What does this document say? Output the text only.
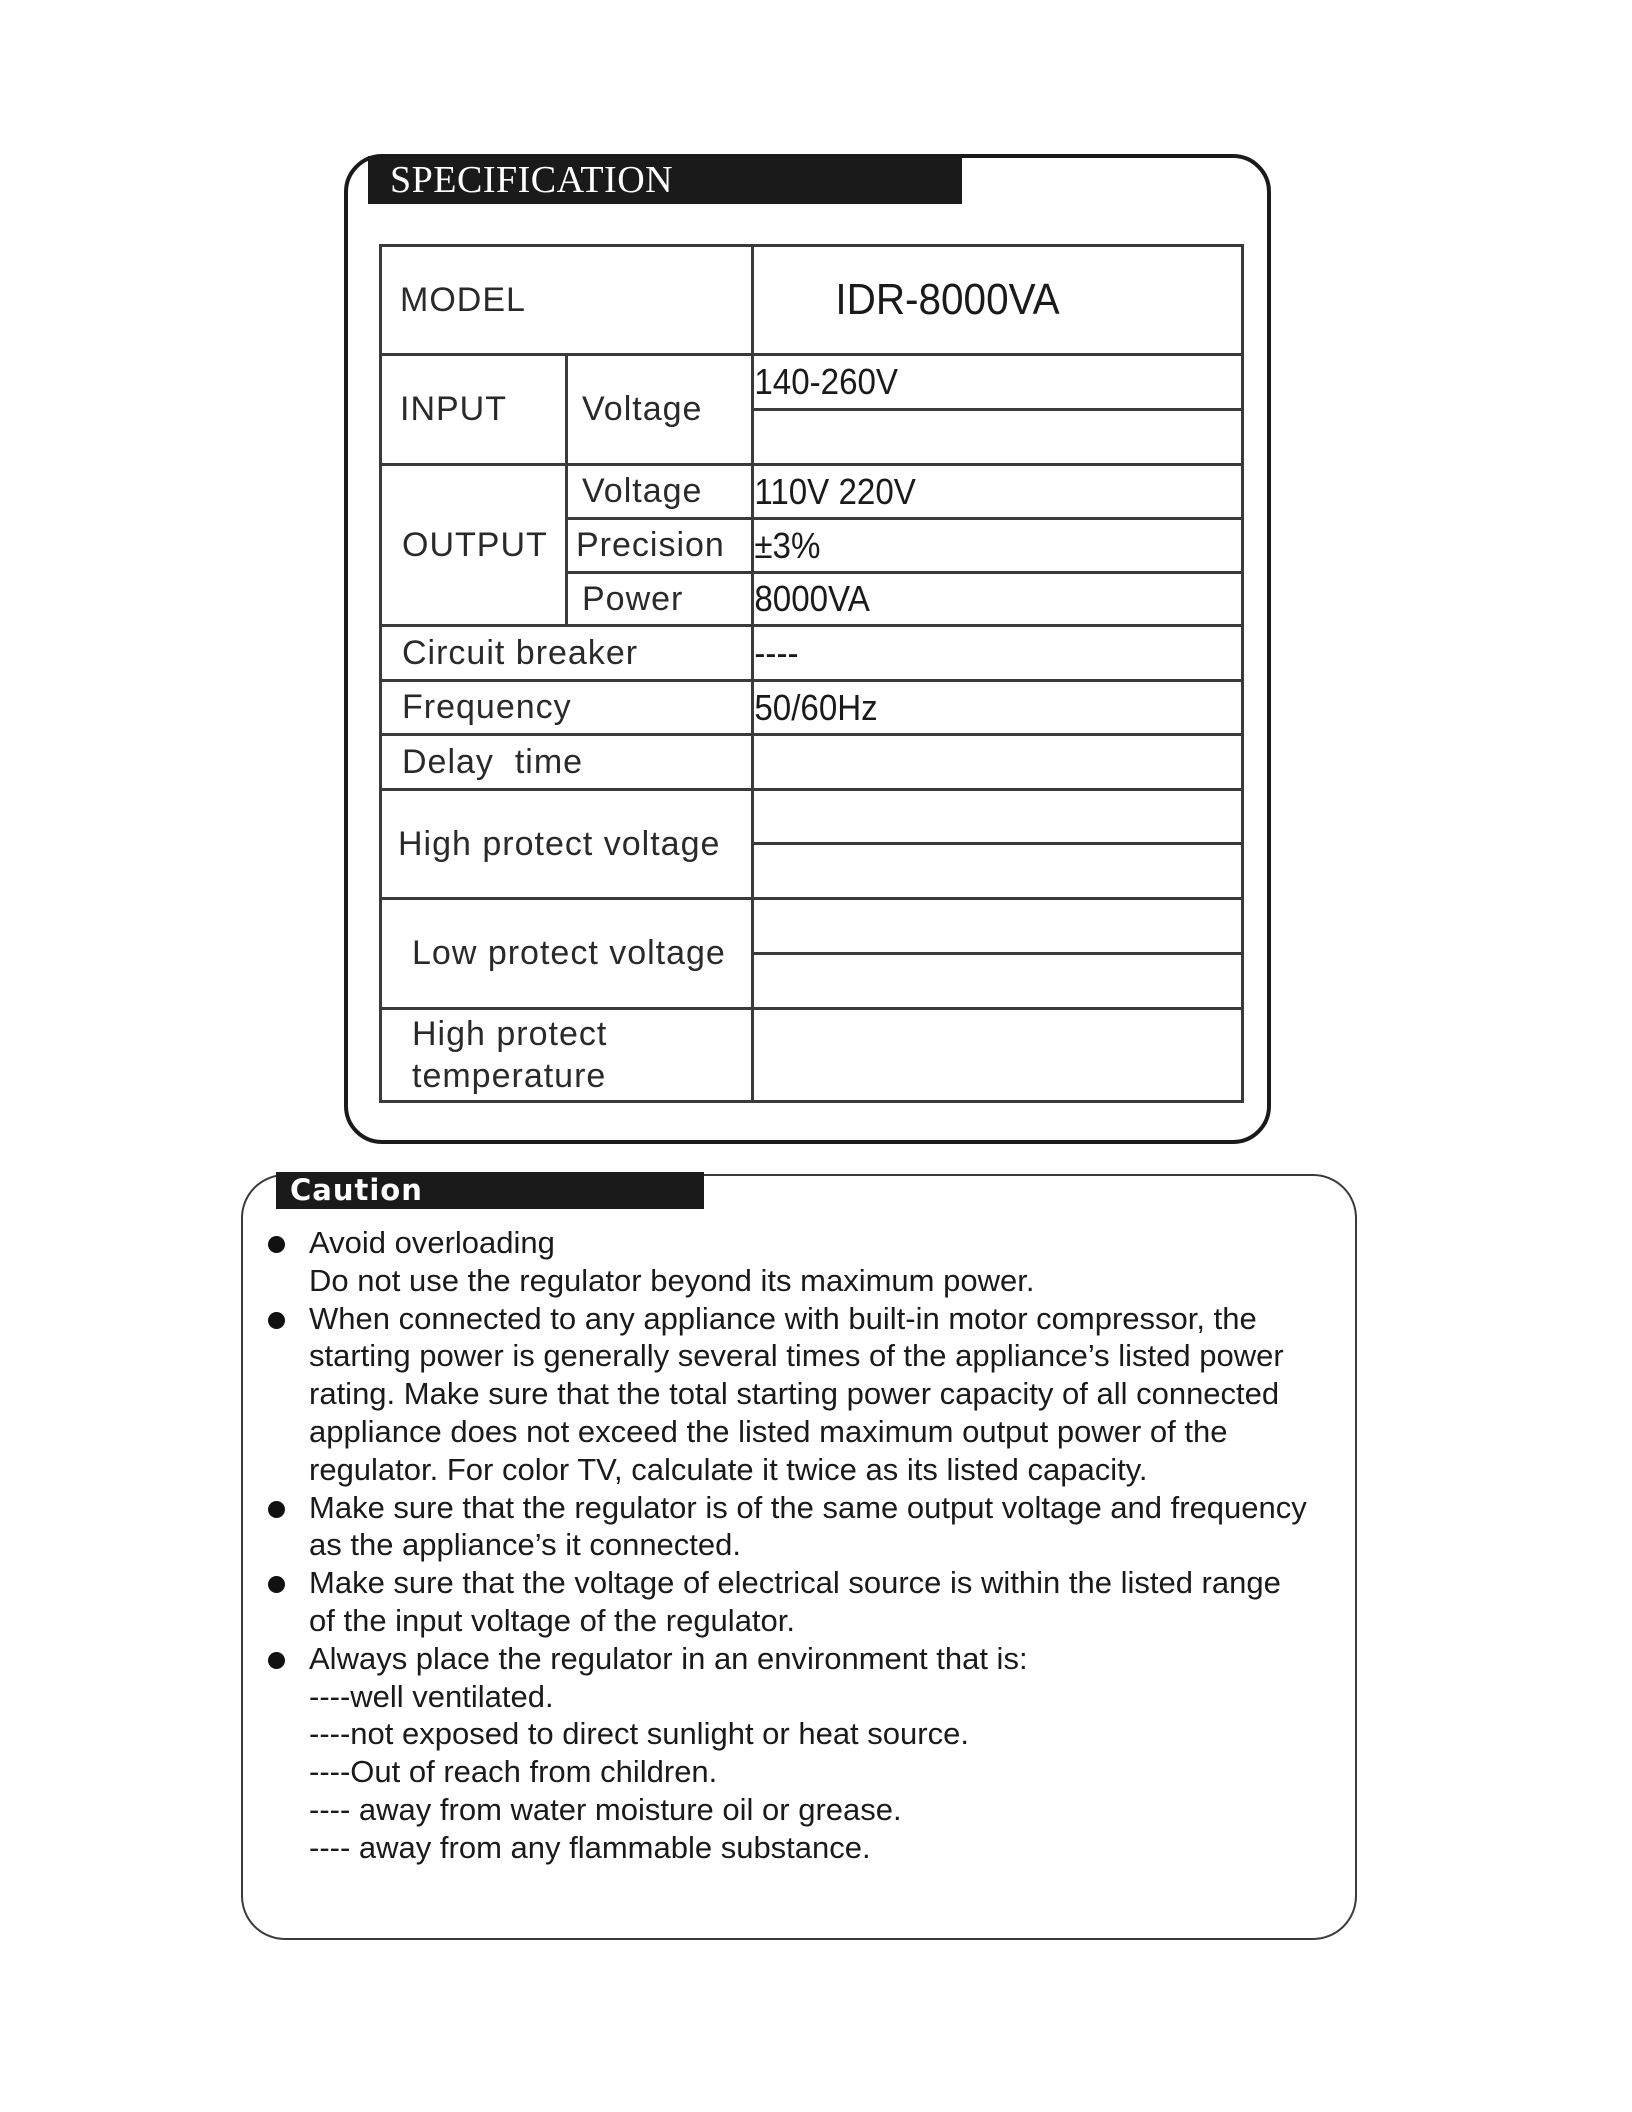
SPECIFICATION
MODEL		IDR-8000VA
INPUT	Voltage	140-260V

OUTPUT	Voltage	110V 220V
	Precision	±3%
	Power	8000VA
Circuit breaker		----
Frequency		50/60Hz
Delay  time		
High protect voltage		

Low protect voltage		

High protect
temperature		

Caution
Avoid overloading
Do not use the regulator beyond its maximum power.
When connected to any appliance with built-in motor compressor, the
starting power is generally several times of the appliance’s listed power
rating. Make sure that the total starting power capacity of all connected
appliance does not exceed the listed maximum output power of the
regulator. For color TV, calculate it twice as its listed capacity.
Make sure that the regulator is of the same output voltage and frequency
as the appliance’s it connected.
Make sure that the voltage of electrical source is within the listed range
of the input voltage of the regulator.
Always place the regulator in an environment that is:
----well ventilated.
----not exposed to direct sunlight or heat source.
----Out of reach from children.
---- away from water moisture oil or grease.
---- away from any flammable substance.
